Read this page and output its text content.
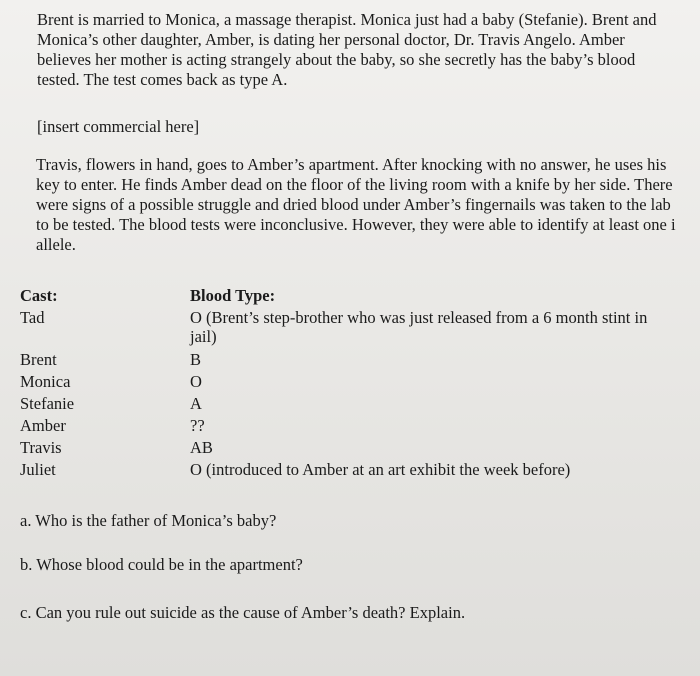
Brent is married to Monica, a massage therapist. Monica just had a baby (Stefanie). Brent and Monica’s other daughter, Amber, is dating her personal doctor, Dr. Travis Angelo. Amber believes her mother is acting strangely about the baby, so she secretly has the baby’s blood tested. The test comes back as type A.

[insert commercial here]

Travis, flowers in hand, goes to Amber’s apartment. After knocking with no answer, he uses his key to enter. He finds Amber dead on the floor of the living room with a knife by her side. There were signs of a possible struggle and dried blood under Amber’s fingernails was taken to the lab to be tested. The blood tests were inconclusive. However, they were able to identify at least one i allele.

Cast:	Blood Type:
Tad	O (Brent’s step-brother who was just released from a 6 month stint in jail)
Brent	B
Monica	O
Stefanie	A
Amber	??
Travis	AB
Juliet	O (introduced to Amber at an art exhibit the week before)
a. Who is the father of Monica’s baby?
b. Whose blood could be in the apartment?
c. Can you rule out suicide as the cause of Amber’s death? Explain.
